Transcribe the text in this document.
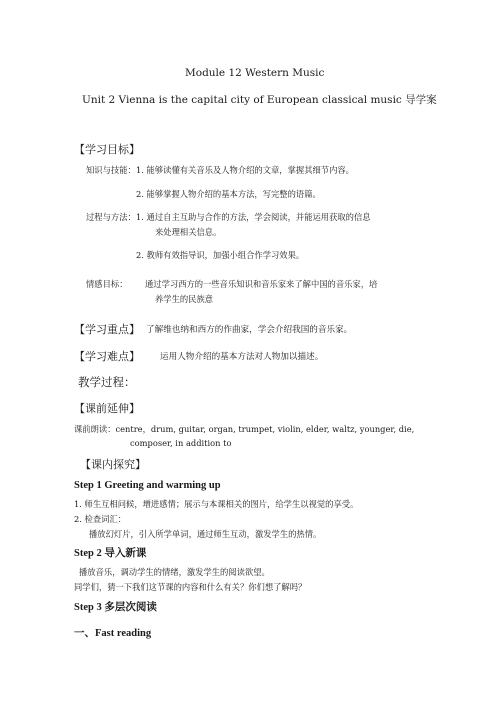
Module 12 Western Music
Unit 2 Vienna is the capital city of European classical music 导学案
【学习目标】
知识与技能： 1. 能够读懂有关音乐及人物介绍的文章，掌握其细节内容。
2. 能够掌握人物介绍的基本方法，写完整的语篇。
过程与方法： 1. 通过自主互助与合作的方法，学会阅读，并能运用获取的信息
来处理相关信息。
2. 教师有效指导识，加强小组合作学习效果。
情感目标： 通过学习西方的一些音乐知识和音乐家来了解中国的音乐家，培
养学生的民族意
【学习重点】 了解维也纳和西方的作曲家，学会介绍我国的音乐家。
【学习难点】 运用人物介绍的基本方法对人物加以描述。
教学过程：
【课前延伸】
课前朗读：centre，drum, guitar, organ, trumpet, violin, elder, waltz, younger, die,
composer, in addition to
【课内探究】
Step 1 Greeting and warming up
1. 师生互相问候，增进感情；展示与本课相关的图片，给学生以视觉的享受。
2. 检查词汇：
播放幻灯片，引入所学单词，通过师生互动，激发学生的热情。
Step 2 导入新课
播放音乐，调动学生的情绪，激发学生的阅读欲望。
同学们，猜一下我们这节课的内容和什么有关？你们想了解吗？
Step 3 多层次阅读
一、Fast reading
